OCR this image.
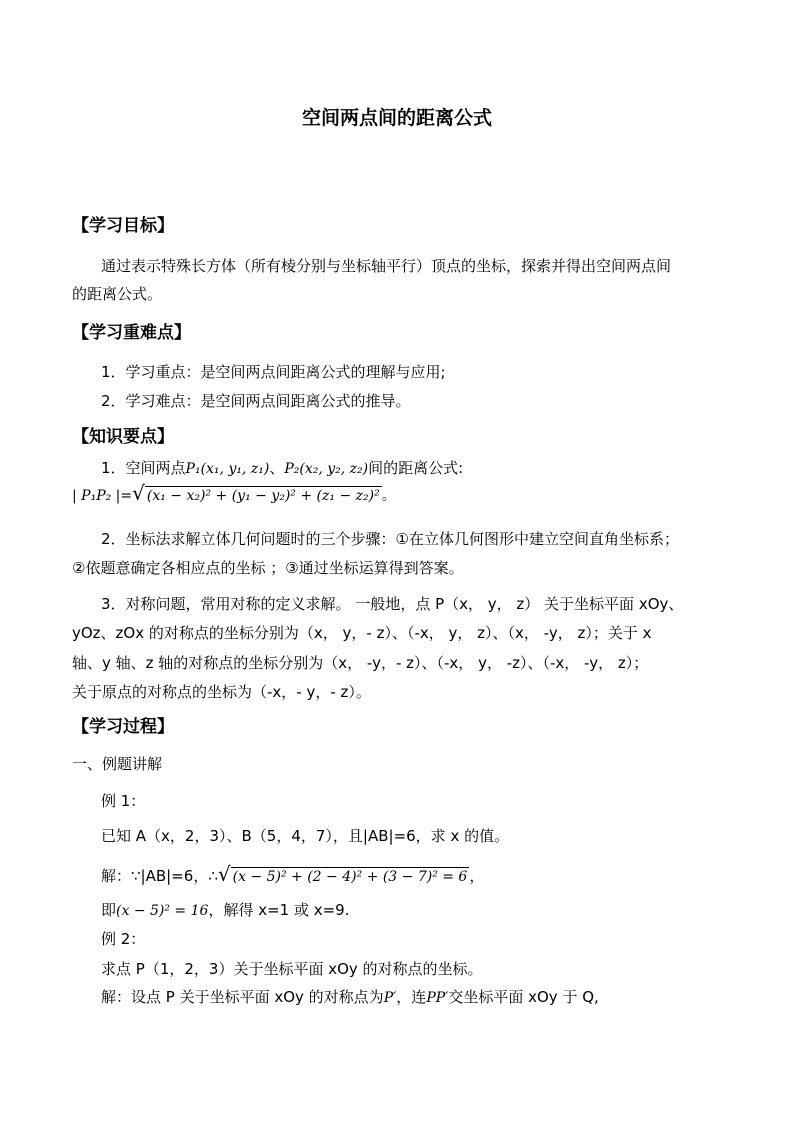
空间两点间的距离公式
【学习目标】
通过表示特殊长方体（所有棱分别与坐标轴平行）顶点的坐标，探索并得出空间两点间
的距离公式。
【学习重难点】
1．学习重点：是空间两点间距离公式的理解与应用;
2．学习难点：是空间两点间距离公式的推导。
【知识要点】
1．空间两点P₁(x₁, y₁, z₁)、P₂(x₂, y₂, z₂)间的距离公式:
| P₁P₂ |=√ (x₁ − x₂)² + (y₁ − y₂)² + (z₁ − z₂)² 。
2．坐标法求解立体几何问题时的三个步骤：①在立体几何图形中建立空间直角坐标系；
②依题意确定各相应点的坐标 ；③通过坐标运算得到答案。
3．对称问题，常用对称的定义求解。 一般地，点 P（x， y， z） 关于坐标平面 xOy、
yOz、zOx 的对称点的坐标分别为（x， y，- z）、（-x， y， z）、（x， -y， z）；关于 x
轴、y 轴、z 轴的对称点的坐标分别为（x， -y，- z）、（-x， y， -z）、（-x， -y， z）；
关于原点的对称点的坐标为（-x，- y，- z）。
【学习过程】
一、例题讲解
例 1：
已知 A（x，2，3）、B（5，4，7），且|AB|=6，求 x 的值。
解：∵|AB|=6，∴√ (x − 5)² + (2 − 4)² + (3 − 7)² = 6 ，
即(x − 5)² = 16，解得 x=1 或 x=9.
例 2：
求点 P（1，2，3）关于坐标平面 xOy 的对称点的坐标。
解：设点 P 关于坐标平面 xOy 的对称点为P′，连PP′交坐标平面 xOy 于 Q,
